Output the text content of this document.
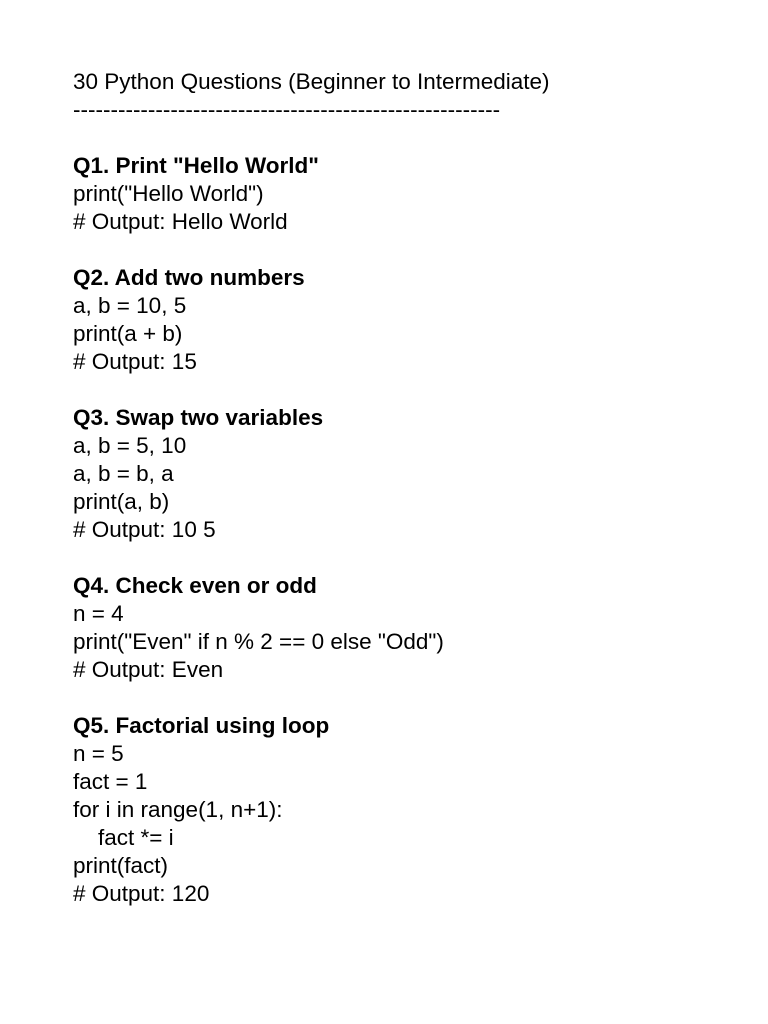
30 Python Questions (Beginner to Intermediate)
---------------------------------------------------------
Q1. Print "Hello World"
print("Hello World")
# Output: Hello World
Q2. Add two numbers
a, b = 10, 5
print(a + b)
# Output: 15
Q3. Swap two variables
a, b = 5, 10
a, b = b, a
print(a, b)
# Output: 10 5
Q4. Check even or odd
n = 4
print("Even" if n % 2 == 0 else "Odd")
# Output: Even
Q5. Factorial using loop
n = 5
fact = 1
for i in range(1, n+1):
fact *= i
print(fact)
# Output: 120
